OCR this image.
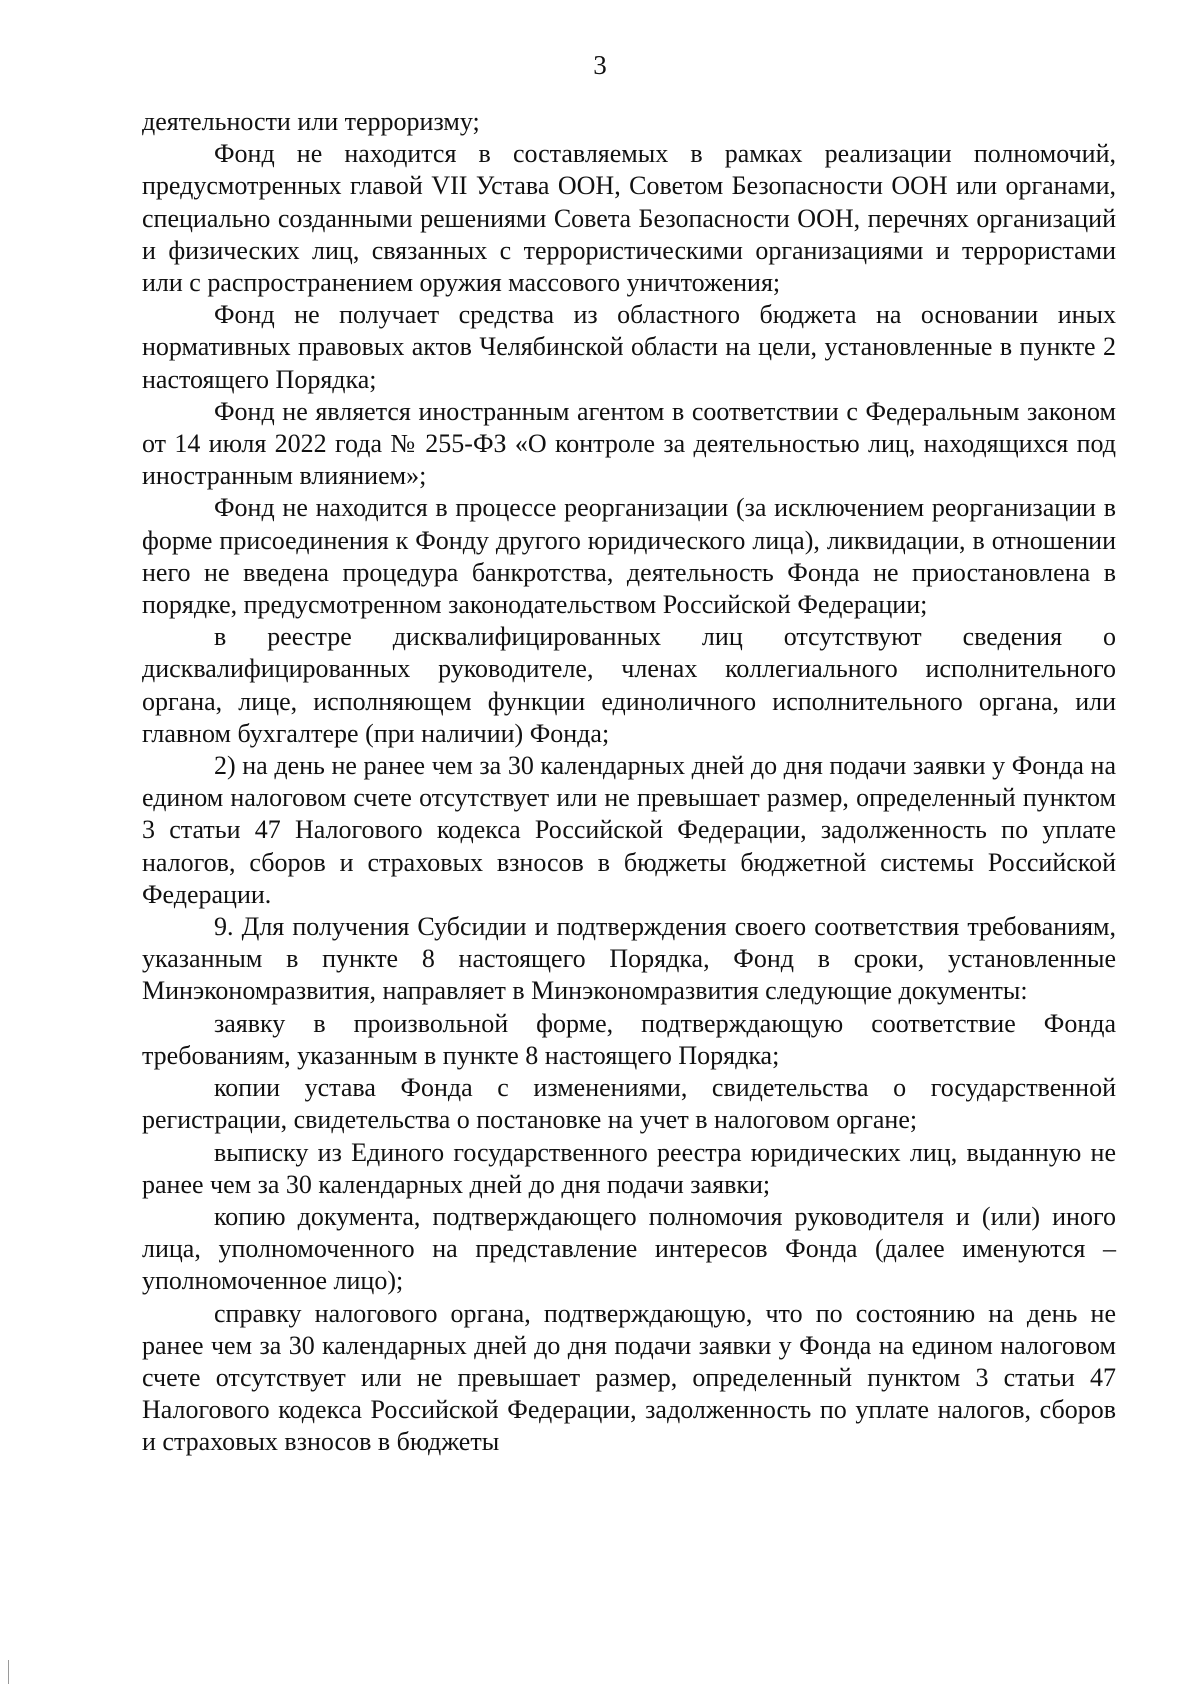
3

деятельности или терроризму;

Фонд не находится в составляемых в рамках реализации полномочий, предусмотренных главой VII Устава ООН, Советом Безопасности ООН или органами, специально созданными решениями Совета Безопасности ООН, перечнях организаций и физических лиц, связанных с террористическими организациями и террористами или с распространением оружия массового уничтожения;

Фонд не получает средства из областного бюджета на основании иных нормативных правовых актов Челябинской области на цели, установленные в пункте 2 настоящего Порядка;

Фонд не является иностранным агентом в соответствии с Федеральным законом от 14 июля 2022 года № 255-ФЗ «О контроле за деятельностью лиц, находящихся под иностранным влиянием»;

Фонд не находится в процессе реорганизации (за исключением реорганизации в форме присоединения к Фонду другого юридического лица), ликвидации, в отношении него не введена процедура банкротства, деятельность Фонда не приостановлена в порядке, предусмотренном законодательством Российской Федерации;

в реестре дисквалифицированных лиц отсутствуют сведения о дисквалифицированных руководителе, членах коллегиального исполнительного органа, лице, исполняющем функции единоличного исполнительного органа, или главном бухгалтере (при наличии) Фонда;

2) на день не ранее чем за 30 календарных дней до дня подачи заявки у Фонда на едином налоговом счете отсутствует или не превышает размер, определенный пунктом 3 статьи 47 Налогового кодекса Российской Федерации, задолженность по уплате налогов, сборов и страховых взносов в бюджеты бюджетной системы Российской Федерации.

9. Для получения Субсидии и подтверждения своего соответствия требованиям, указанным в пункте 8 настоящего Порядка, Фонд в сроки, установленные Минэкономразвития, направляет в Минэкономразвития следующие документы:

заявку в произвольной форме, подтверждающую соответствие Фонда требованиям, указанным в пункте 8 настоящего Порядка;

копии устава Фонда с изменениями, свидетельства о государственной регистрации, свидетельства о постановке на учет в налоговом органе;

выписку из Единого государственного реестра юридических лиц, выданную не ранее чем за 30 календарных дней до дня подачи заявки;

копию документа, подтверждающего полномочия руководителя и (или) иного лица, уполномоченного на представление интересов Фонда (далее именуются – уполномоченное лицо);

справку налогового органа, подтверждающую, что по состоянию на день не ранее чем за 30 календарных дней до дня подачи заявки у Фонда на едином налоговом счете отсутствует или не превышает размер, определенный пунктом 3 статьи 47 Налогового кодекса Российской Федерации, задолженность по уплате налогов, сборов и страховых взносов в бюджеты
